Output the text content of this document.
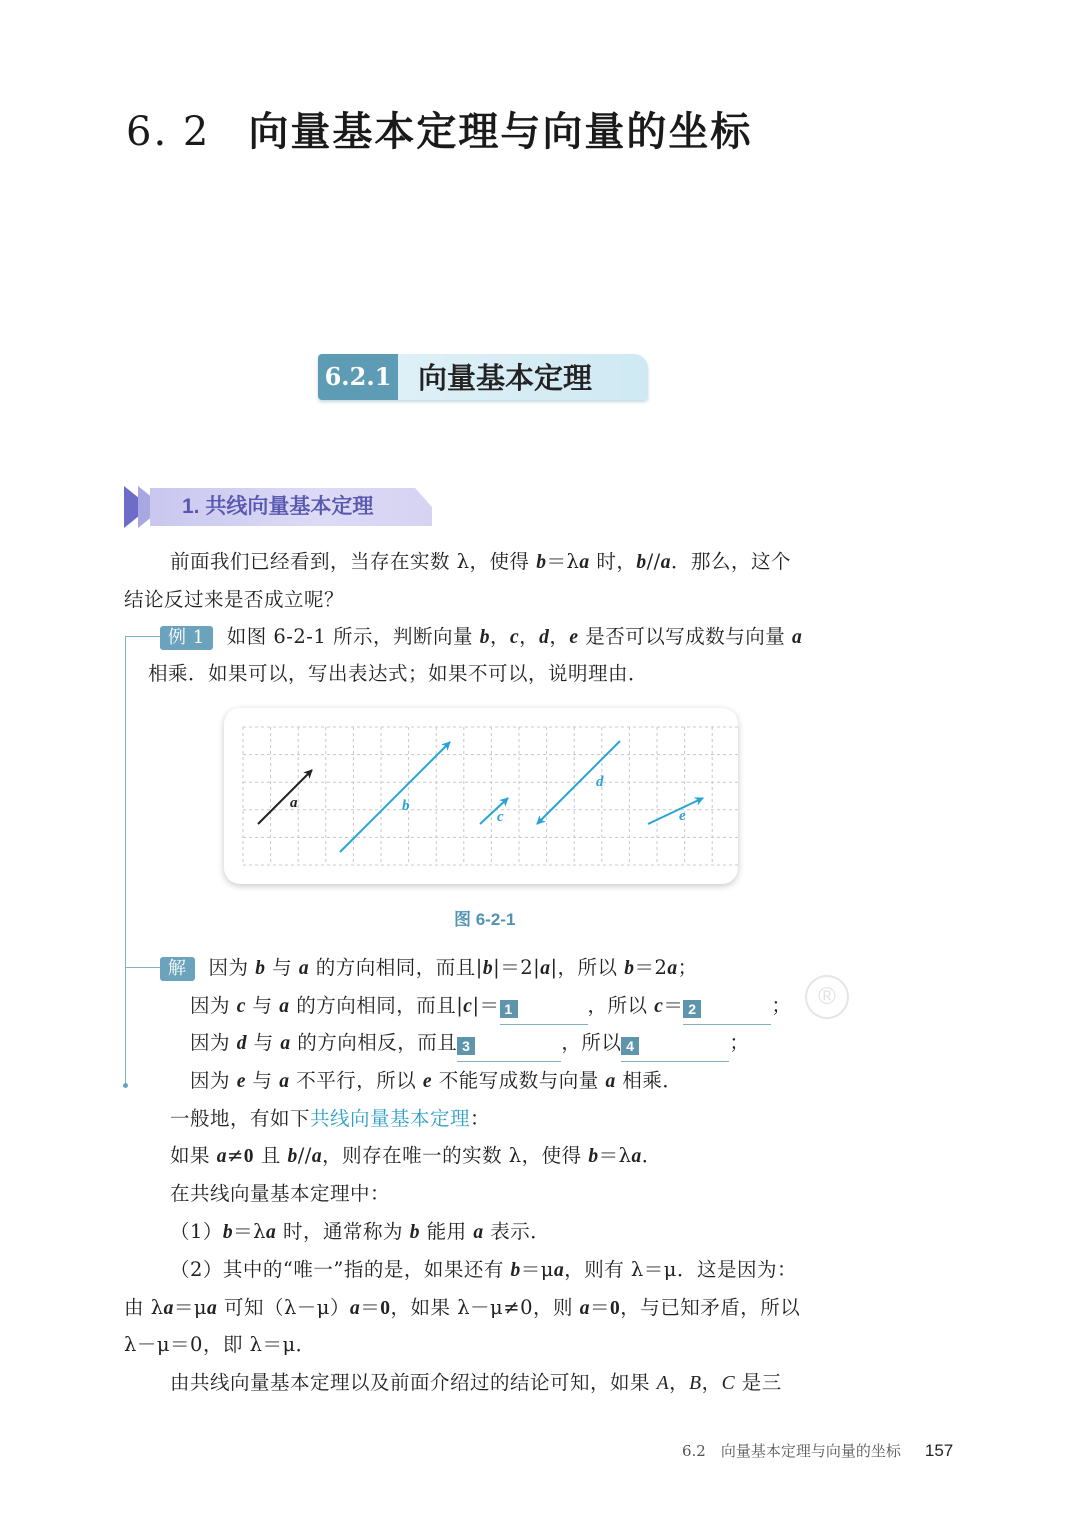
6. 2 向量基本定理与向量的坐标
6.2.1 向量基本定理
1. 共线向量基本定理
前面我们已经看到，当存在实数 λ，使得 b＝λa 时，b//a．那么，这个
结论反过来是否成立呢？
例 1 如图 6-2-1 所示，判断向量 b，c，d，e 是否可以写成数与向量 a
相乘．如果可以，写出表达式；如果不可以，说明理由．
a	b
c
d
e
图 6-2-1
解 因为 b 与 a 的方向相同，而且|b|＝2|a|，所以 b＝2a；
因为 c 与 a 的方向相同，而且|c|＝ 1	，所以 c＝ 2	；
因为 d 与 a 的方向相反，而且 3	，所以 4	；
因为 e 与 a 不平行，所以 e 不能写成数与向量 a 相乘．
®
一般地，有如下共线向量基本定理：
如果 a≠0 且 b//a，则存在唯一的实数 λ，使得 b＝λa．
在共线向量基本定理中：
（1）b＝λa 时，通常称为 b 能用 a 表示．
（2）其中的“唯一”指的是，如果还有 b＝μa，则有 λ＝μ．这是因为：
由 λa＝μa 可知（λ－μ）a＝0，如果 λ－μ≠0，则 a＝0，与已知矛盾，所以
λ－μ＝0，即 λ＝μ．
由共线向量基本定理以及前面介绍过的结论可知，如果 A，B，C 是三
6.2　向量基本定理与向量的坐标 157
